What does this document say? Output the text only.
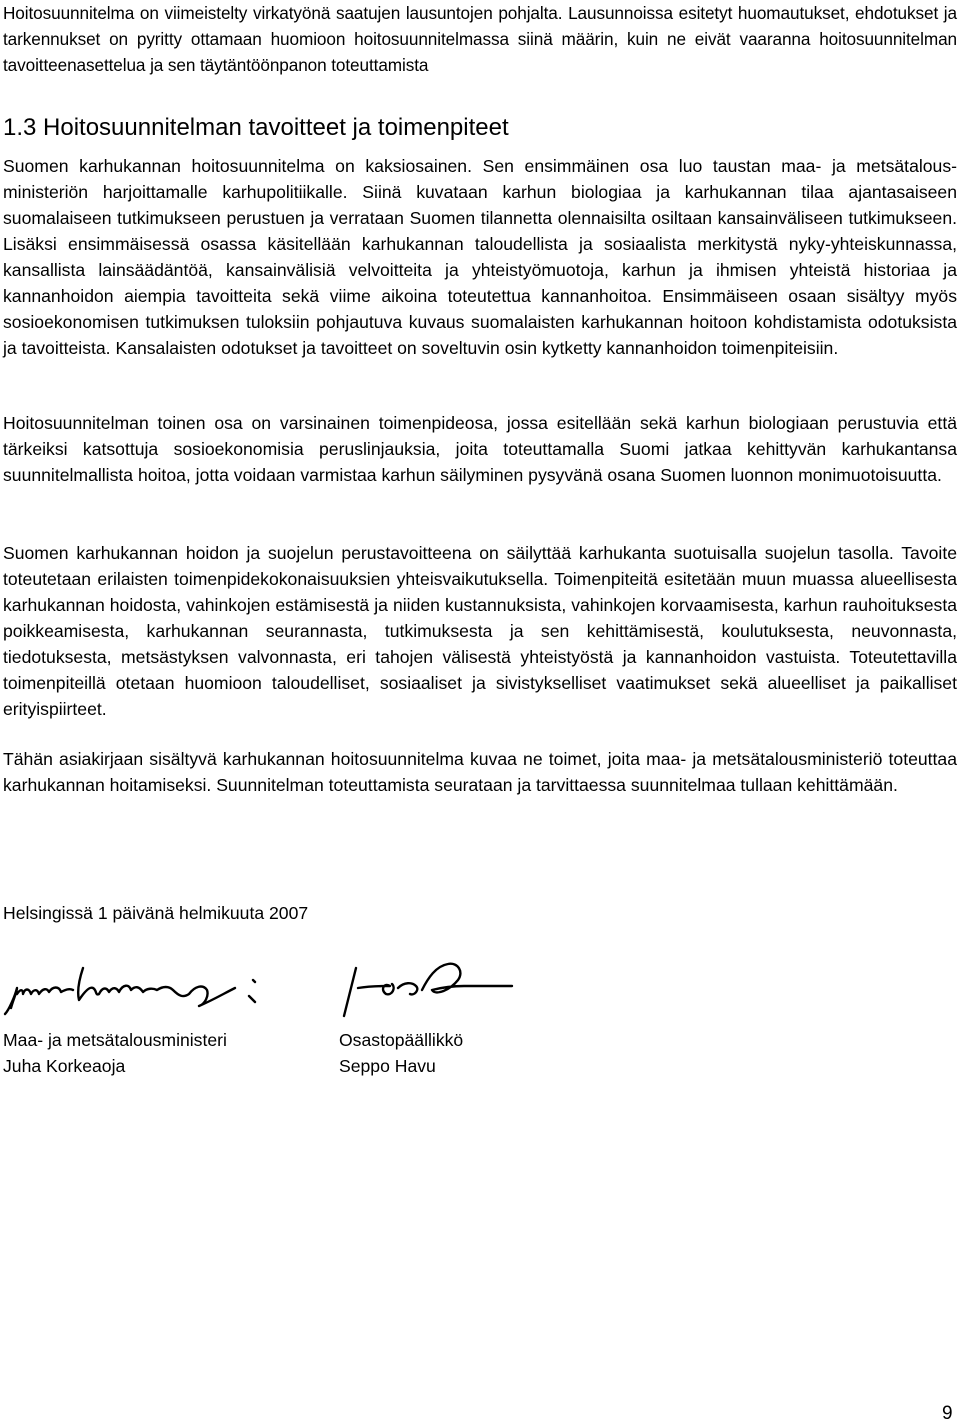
Hoitosuunnitelma on viimeistelty virkatyönä saatujen lausuntojen pohjalta. Lausunnoissa esitetyt huomautukset, ehdotukset ja tarkennukset on pyritty ottamaan huomioon hoitosuunnitelmassa siinä määrin, kuin ne eivät vaaranna hoitosuunnitelman tavoitteenasettelua ja sen täytäntöönpanon toteuttamista

1.3 Hoitosuunnitelman tavoitteet ja toimenpiteet

Suomen karhukannan hoitosuunnitelma on kaksiosainen. Sen ensimmäinen osa luo taustan maa- ja metsätalousministeriön harjoittamalle karhupolitiikalle. Siinä kuvataan karhun biologiaa ja karhukannan tilaa ajantasaiseen suomalaiseen tutkimukseen perustuen ja verrataan Suomen tilannetta olennaisilta osiltaan kansainväliseen tutkimukseen. Lisäksi ensimmäisessä osassa käsitellään karhukannan taloudellista ja sosiaalista merkitystä nyky-yhteiskunnassa, kansallista lainsäädäntöä, kansainvälisiä velvoitteita ja yhteistyömuotoja, karhun ja ihmisen yhteistä historiaa ja kannanhoidon aiempia tavoitteita sekä viime aikoina toteutettua kannanhoitoa. Ensimmäiseen osaan sisältyy myös sosioekonomisen tutkimuksen tuloksiin pohjautuva kuvaus suomalaisten karhukannan hoitoon kohdistamista odotuksista ja tavoitteista. Kansalaisten odotukset ja tavoitteet on soveltuvin osin kytketty kannanhoidon toimenpiteisiin.

Hoitosuunnitelman toinen osa on varsinainen toimenpideosa, jossa esitellään sekä karhun biologiaan perustuvia että tärkeiksi katsottuja sosioekonomisia peruslinjauksia, joita toteuttamalla Suomi jatkaa kehittyvän karhukantansa suunnitelmallista hoitoa, jotta voidaan varmistaa karhun säilyminen pysyvänä osana Suomen luonnon monimuotoisuutta.

Suomen karhukannan hoidon ja suojelun perustavoitteena on säilyttää karhukanta suotuisalla suojelun tasolla. Tavoite toteutetaan erilaisten toimenpidekokonaisuuksien yhteisvaikutuksella. Toimenpiteitä esitetään muun muassa alueellisesta karhukannan hoidosta, vahinkojen estämisestä ja niiden kustannuksista, vahinkojen korvaamisesta, karhun rauhoituksesta poikkeamisesta, karhukannan seurannasta, tutkimuksesta ja sen kehittämisestä, koulutuksesta, neuvonnasta, tiedotuksesta, metsästyksen valvonnasta, eri tahojen välisestä yhteistyöstä ja kannanhoidon vastuista. Toteutettavilla toimenpiteillä otetaan huomioon taloudelliset, sosiaaliset ja sivistykselliset vaatimukset sekä alueelliset ja paikalliset erityispiirteet.

Tähän asiakirjaan sisältyvä karhukannan hoitosuunnitelma kuvaa ne toimet, joita maa- ja metsätalousministeriö toteuttaa karhukannan hoitamiseksi. Suunnitelman toteuttamista seurataan ja tarvittaessa suunnitelmaa tullaan kehittämään.

Helsingissä 1 päivänä helmikuuta 2007

Maa- ja metsätalousministeri
Juha Korkeaoja
Osastopäällikkö
Seppo Havu
9
